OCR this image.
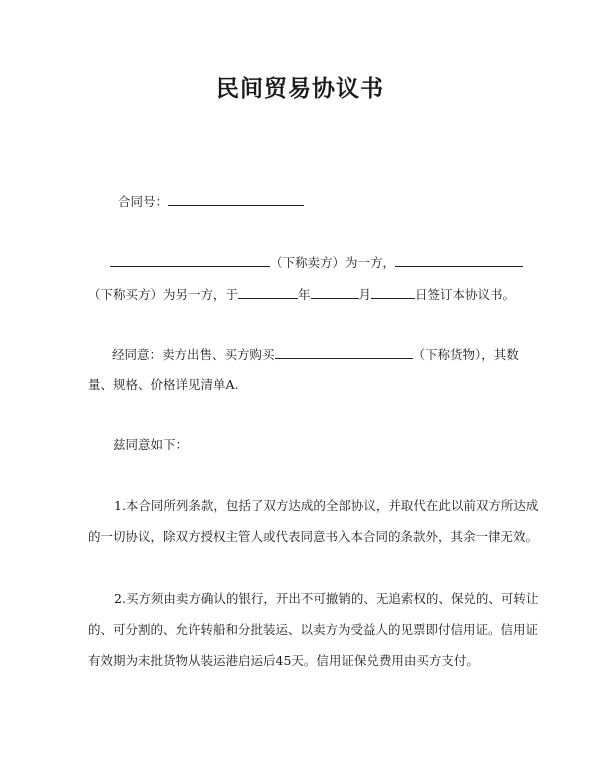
民间贸易协议书
合同号：
（下称卖方）为一方，
（下称买方）为另一方，于	年	月	日签订本协议书。
经同意：卖方出售、买方购买	（下称货物），其数
量、规格、价格详见清单A.
兹同意如下：
1.本合同所列条款，包括了双方达成的全部协议，并取代在此以前双方所达成
的一切协议，除双方授权主管人或代表同意书入本合同的条款外，其余一律无效。
2.买方须由卖方确认的银行，开出不可撤销的、无追索权的、保兑的、可转让
的、可分割的、允许转船和分批装运、以卖方为受益人的见票即付信用证。信用证
有效期为末批货物从装运港启运后45天。信用证保兑费用由买方支付。
